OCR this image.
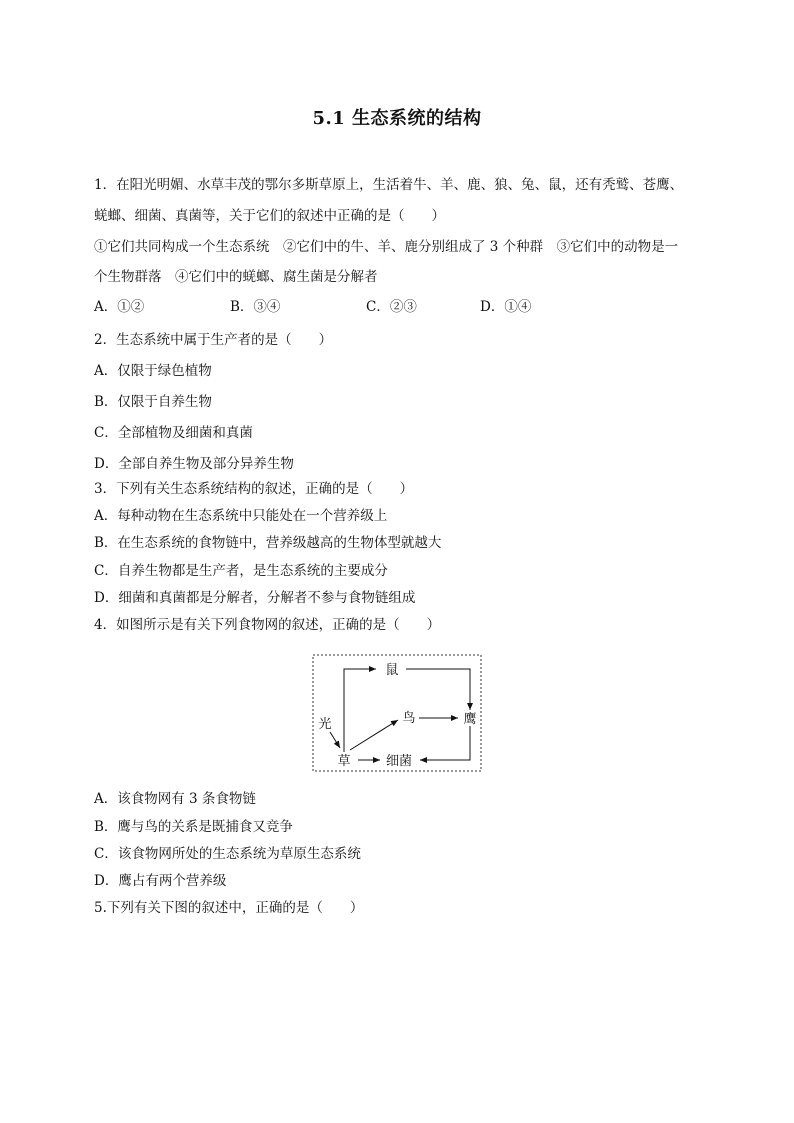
5.1 生态系统的结构
1．在阳光明媚、水草丰茂的鄂尔多斯草原上，生活着牛、羊、鹿、狼、兔、鼠，还有秃鹫、苍鹰、
蜣螂、细菌、真菌等，关于它们的叙述中正确的是（　　）
①它们共同构成一个生态系统　②它们中的牛、羊、鹿分别组成了 3 个种群　③它们中的动物是一
个生物群落　④它们中的蜣螂、腐生菌是分解者
A．①②	B．③④	C．②③	D．①④
2．生态系统中属于生产者的是（　　）
A．仅限于绿色植物
B．仅限于自养生物
C．全部植物及细菌和真菌
D．全部自养生物及部分异养生物
3．下列有关生态系统结构的叙述，正确的是（　　）
A．每种动物在生态系统中只能处在一个营养级上
B．在生态系统的食物链中，营养级越高的生物体型就越大
C．自养生物都是生产者，是生态系统的主要成分
D．细菌和真菌都是分解者，分解者不参与食物链组成
4．如图所示是有关下列食物网的叙述，正确的是（　　）
鼠
光	鸟	鹰
草	细菌
A．该食物网有 3 条食物链
B．鹰与鸟的关系是既捕食又竞争
C．该食物网所处的生态系统为草原生态系统
D．鹰占有两个营养级
5.下列有关下图的叙述中，正确的是（　　）
